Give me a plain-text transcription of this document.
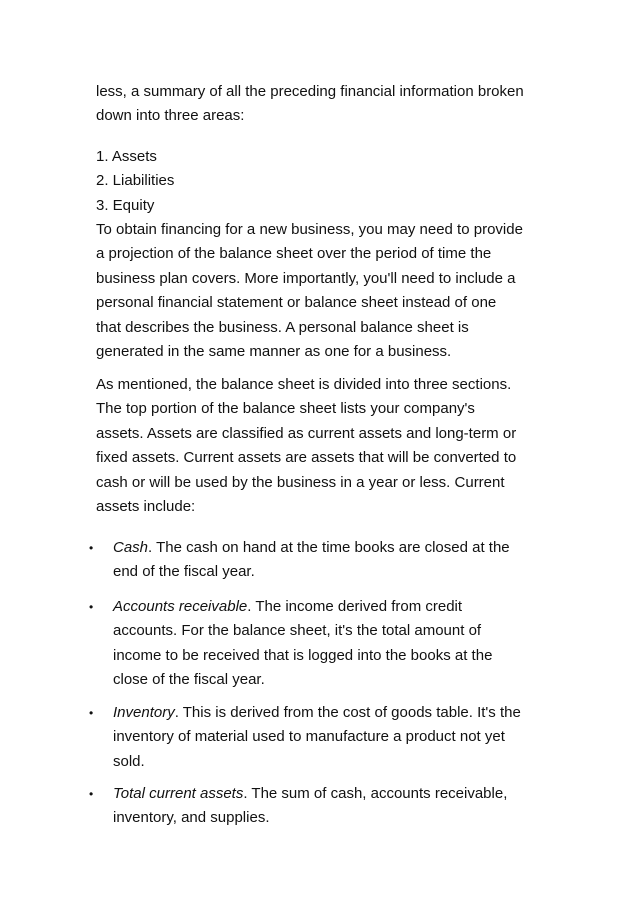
less, a summary of all the preceding financial information broken
down into three areas:

1. Assets
2. Liabilities
3. Equity

To obtain financing for a new business, you may need to provide
a projection of the balance sheet over the period of time the
business plan covers. More importantly, you'll need to include a
personal financial statement or balance sheet instead of one
that describes the business. A personal balance sheet is
generated in the same manner as one for a business.

As mentioned, the balance sheet is divided into three sections.
The top portion of the balance sheet lists your company's
assets. Assets are classified as current assets and long-term or
fixed assets. Current assets are assets that will be converted to
cash or will be used by the business in a year or less. Current
assets include:

• Cash. The cash on hand at the time books are closed at the
end of the fiscal year.
• Accounts receivable. The income derived from credit
accounts. For the balance sheet, it's the total amount of
income to be received that is logged into the books at the
close of the fiscal year.
• Inventory. This is derived from the cost of goods table. It's the
inventory of material used to manufacture a product not yet
sold.
• Total current assets. The sum of cash, accounts receivable,
inventory, and supplies.
